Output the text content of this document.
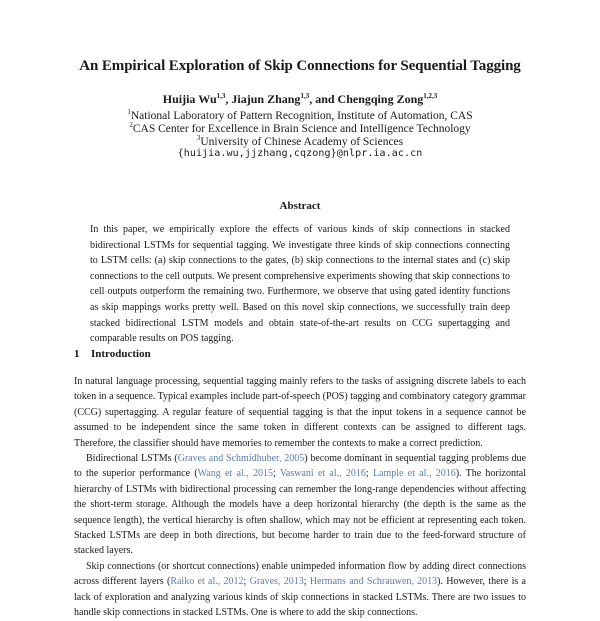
An Empirical Exploration of Skip Connections for Sequential Tagging
Huijia Wu$^{1,3}$, Jiajun Zhang$^{1,3}$, and Chengqing Zong$^{1,2,3}$
$^1$National Laboratory of Pattern Recognition, Institute of Automation, CAS
$^2$CAS Center for Excellence in Brain Science and Intelligence Technology
$^3$University of Chinese Academy of Sciences
{huijia.wu,jjzhang,cqzong}@nlpr.ia.ac.cn
Abstract

In this paper, we empirically explore the effects of various kinds of skip connections in stacked bidirectional LSTMs for sequential tagging. We investigate three kinds of skip connections connecting to LSTM cells: (a) skip connections to the gates, (b) skip connections to the internal states and (c) skip connections to the cell outputs. We present comprehensive experiments showing that skip connections to cell outputs outperform the remaining two. Furthermore, we observe that using gated identity functions as skip mappings works pretty well. Based on this novel skip connections, we successfully train deep stacked bidirectional LSTM models and obtain state-of-the-art results on CCG supertagging and comparable results on POS tagging.

1 Introduction

In natural language processing, sequential tagging mainly refers to the tasks of assigning discrete labels to each token in a sequence. Typical examples include part-of-speech (POS) tagging and combinatory category grammar (CCG) supertagging. A regular feature of sequential tagging is that the input tokens in a sequence cannot be assumed to be independent since the same token in different contexts can be assigned to different tags. Therefore, the classifier should have memories to remember the contexts to make a correct prediction.

Bidirectional LSTMs (Graves and Schmidhuber, 2005) become dominant in sequential tagging problems due to the superior performance (Wang et al., 2015; Vaswani et al., 2016; Lample et al., 2016). The horizontal hierarchy of LSTMs with bidirectional processing can remember the long-range dependencies without affecting the short-term storage. Although the models have a deep horizontal hierarchy (the depth is the same as the sequence length), the vertical hierarchy is often shallow, which may not be efficient at representing each token. Stacked LSTMs are deep in both directions, but become harder to train due to the feed-forward structure of stacked layers.

Skip connections (or shortcut connections) enable unimpeded information flow by adding direct connections across different layers (Raiko et al., 2012; Graves, 2013; Hermans and Schrauwen, 2013). However, there is a lack of exploration and analyzing various kinds of skip connections in stacked LSTMs. There are two issues to handle skip connections in stacked LSTMs. One is where to add the skip connections.
